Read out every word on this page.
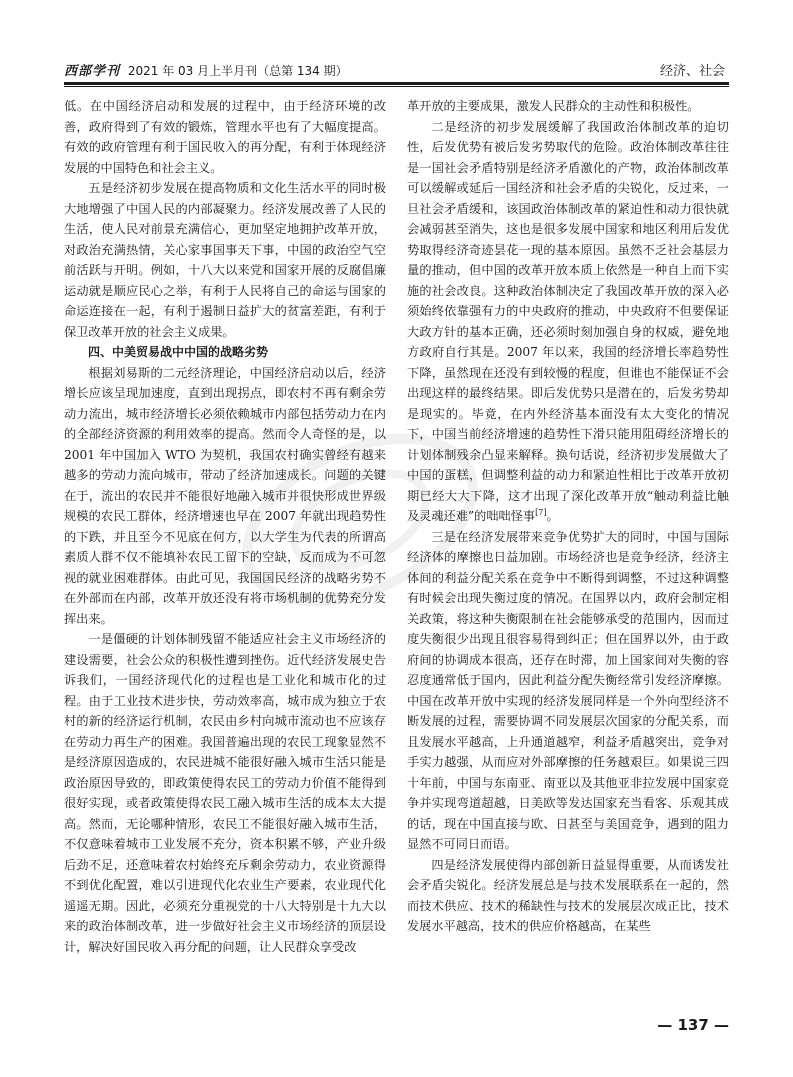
西部学刊 2021 年 03 月上半月刊（总第 134 期）	经济、社会

低。在中国经济启动和发展的过程中，由于经济环境的改善，政府得到了有效的锻炼，管理水平也有了大幅度提高。有效的政府管理有利于国民收入的再分配，有利于体现经济发展的中国特色和社会主义。

五是经济初步发展在提高物质和文化生活水平的同时极大地增强了中国人民的内部凝聚力。经济发展改善了人民的生活，使人民对前景充满信心，更加坚定地拥护改革开放，对政治充满热情，关心家事国事天下事，中国的政治空气空前活跃与开明。例如，十八大以来党和国家开展的反腐倡廉运动就是顺应民心之举，有利于人民将自己的命运与国家的命运连接在一起，有利于遏制日益扩大的贫富差距，有利于保卫改革开放的社会主义成果。

四、中美贸易战中中国的战略劣势

根据刘易斯的二元经济理论，中国经济启动以后，经济增长应该呈现加速度，直到出现拐点，即农村不再有剩余劳动力流出，城市经济增长必须依赖城市内部包括劳动力在内的全部经济资源的利用效率的提高。然而令人奇怪的是，以 2001 年中国加入 WTO 为契机，我国农村确实曾经有越来越多的劳动力流向城市，带动了经济加速成长。问题的关键在于，流出的农民并不能很好地融入城市并很快形成世界级规模的农民工群体，经济增速也早在 2007 年就出现趋势性的下跌，并且至今不见底在何方，以大学生为代表的所谓高素质人群不仅不能填补农民工留下的空缺，反而成为不可忽视的就业困难群体。由此可见，我国国民经济的战略劣势不在外部而在内部，改革开放还没有将市场机制的优势充分发挥出来。

一是僵硬的计划体制残留不能适应社会主义市场经济的建设需要，社会公众的积极性遭到挫伤。近代经济发展史告诉我们，一国经济现代化的过程也是工业化和城市化的过程。由于工业技术进步快，劳动效率高，城市成为独立于农村的新的经济运行机制，农民由乡村向城市流动也不应该存在劳动力再生产的困难。我国普遍出现的农民工现象显然不是经济原因造成的，农民进城不能很好融入城市生活只能是政治原因导致的，即政策使得农民工的劳动力价值不能得到很好实现，或者政策使得农民工融入城市生活的成本太大提高。然而，无论哪种情形，农民工不能很好融入城市生活，不仅意味着城市工业发展不充分，资本积累不够，产业升级后劲不足，还意味着农村始终充斥剩余劳动力，农业资源得不到优化配置，难以引进现代化农业生产要素，农业现代化遥遥无期。因此，必须充分重视党的十八大特别是十九大以来的政治体制改革，进一步做好社会主义市场经济的顶层设计，解决好国民收入再分配的问题，让人民群众享受改

革开放的主要成果，激发人民群众的主动性和积极性。

二是经济的初步发展缓解了我国政治体制改革的迫切性，后发优势有被后发劣势取代的危险。政治体制改革往往是一国社会矛盾特别是经济矛盾激化的产物，政治体制改革可以缓解或延后一国经济和社会矛盾的尖锐化，反过来，一旦社会矛盾缓和，该国政治体制改革的紧迫性和动力很快就会减弱甚至消失，这也是很多发展中国家和地区利用后发优势取得经济奇迹昙花一现的基本原因。虽然不乏社会基层力量的推动，但中国的改革开放本质上依然是一种自上而下实施的社会改良。这种政治体制决定了我国改革开放的深入必须始终依靠强有力的中央政府的推动，中央政府不但要保证大政方针的基本正确，还必须时刻加强自身的权威，避免地方政府自行其是。2007 年以来，我国的经济增长率趋势性下降，虽然现在还没有到较慢的程度，但谁也不能保证不会出现这样的最终结果。即后发优势只是潜在的，后发劣势却是现实的。毕竟，在内外经济基本面没有太大变化的情况下，中国当前经济增速的趋势性下滑只能用阻碍经济增长的计划体制残余凸显来解释。换句话说，经济初步发展做大了中国的蛋糕，但调整利益的动力和紧迫性相比于改革开放初期已经大大下降，这才出现了深化改革开放“触动利益比触及灵魂还难”的咄咄怪事[7]。

三是在经济发展带来竞争优势扩大的同时，中国与国际经济体的摩擦也日益加剧。市场经济也是竞争经济，经济主体间的利益分配关系在竞争中不断得到调整，不过这种调整有时候会出现失衡过度的情况。在国界以内，政府会制定相关政策，将这种失衡限制在社会能够承受的范围内，因而过度失衡很少出现且很容易得到纠正；但在国界以外，由于政府间的协调成本很高，还存在时滞，加上国家间对失衡的容忍度通常低于国内，因此利益分配失衡经常引发经济摩擦。中国在改革开放中实现的经济发展同样是一个外向型经济不断发展的过程，需要协调不同发展层次国家的分配关系，而且发展水平越高，上升通道越窄，利益矛盾越突出，竞争对手实力越强，从而应对外部摩擦的任务越艰巨。如果说三四十年前，中国与东南亚、南亚以及其他亚非拉发展中国家竞争并实现弯道超越，日美欧等发达国家充当看客、乐观其成的话，现在中国直接与欧、日甚至与美国竞争，遇到的阻力显然不可同日而语。

四是经济发展使得内部创新日益显得重要，从而诱发社会矛盾尖锐化。经济发展总是与技术发展联系在一起的，然而技术供应、技术的稀缺性与技术的发展层次成正比，技术发展水平越高，技术的供应价格越高，在某些

— 137 —
